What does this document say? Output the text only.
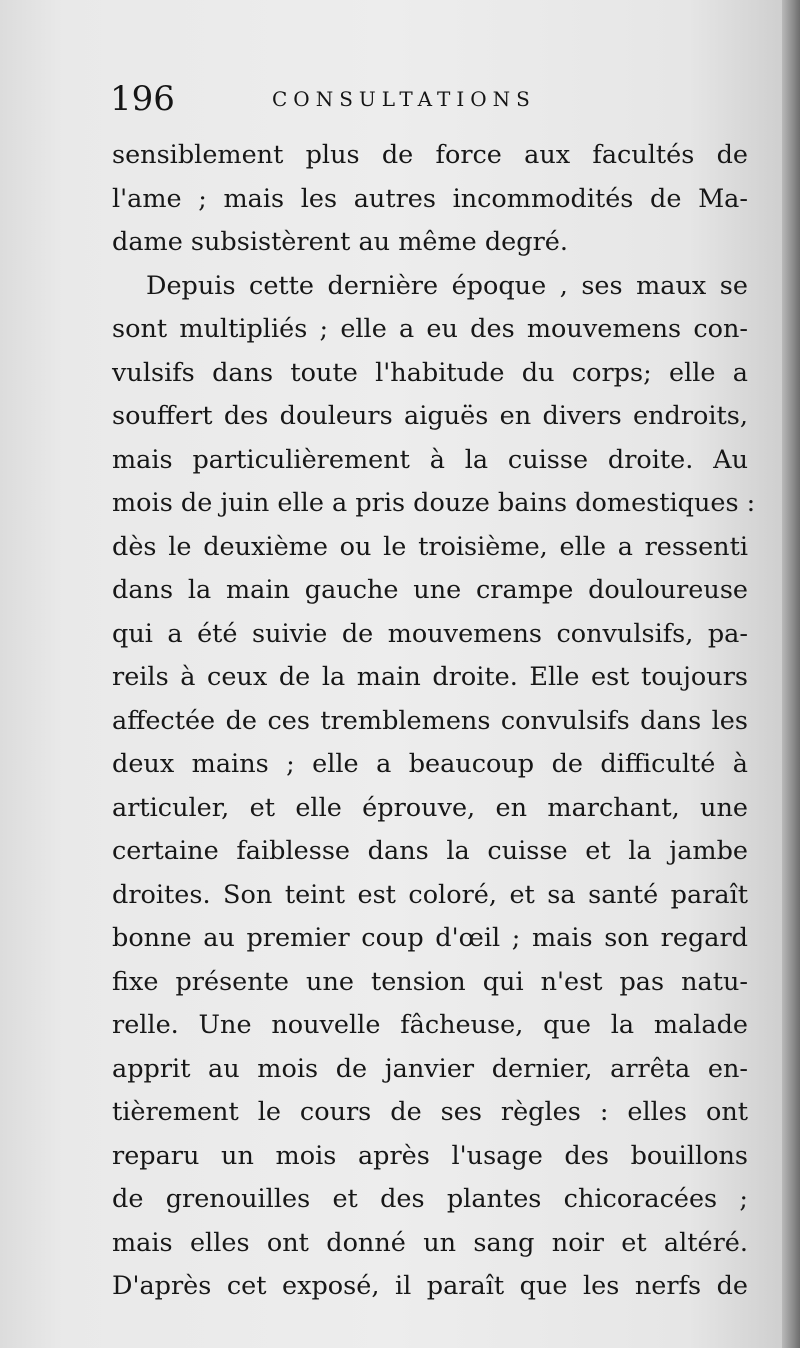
196	CONSULTATIONS
sensiblement plus de force aux facultés de
l'ame ; mais les autres incommodités de Ma-
dame subsistèrent au même degré.
Depuis cette dernière époque , ses maux se
sont multipliés ; elle a eu des mouvemens con-
vulsifs dans toute l'habitude du corps; elle a
souffert des douleurs aiguës en divers endroits,
mais particulièrement à la cuisse droite. Au
mois de juin elle a pris douze bains domestiques :
dès le deuxième ou le troisième, elle a ressenti
dans la main gauche une crampe douloureuse
qui a été suivie de mouvemens convulsifs, pa-
reils à ceux de la main droite. Elle est toujours
affectée de ces tremblemens convulsifs dans les
deux mains ; elle a beaucoup de difficulté à
articuler, et elle éprouve, en marchant, une
certaine faiblesse dans la cuisse et la jambe
droites. Son teint est coloré, et sa santé paraît
bonne au premier coup d'œil ; mais son regard
fixe présente une tension qui n'est pas natu-
relle. Une nouvelle fâcheuse, que la malade
apprit au mois de janvier dernier, arrêta en-
tièrement le cours de ses règles : elles ont
reparu un mois après l'usage des bouillons
de grenouilles et des plantes chicoracées ;
mais elles ont donné un sang noir et altéré.
D'après cet exposé, il paraît que les nerfs de
